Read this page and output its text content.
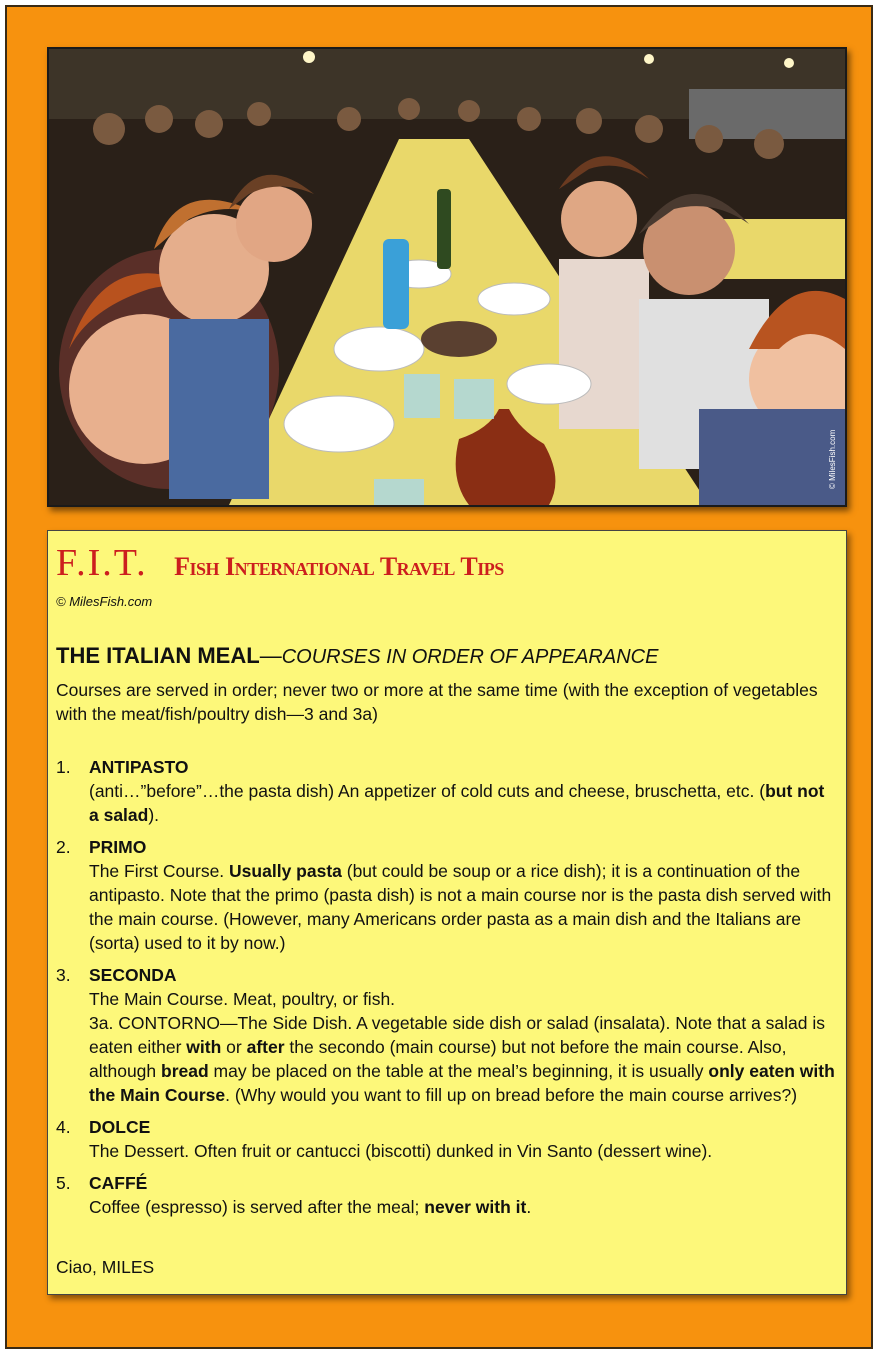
© MilesFish.com
F.I.T. Fish International Travel Tips
© MilesFish.com
THE ITALIAN MEAL—COURSES IN ORDER OF APPEARANCE
Courses are served in order; never two or more at the same time (with the exception of vegetables with the meat/fish/poultry dish—3 and 3a)
1. ANTIPASTO
(anti…”before”…the pasta dish) An appetizer of cold cuts and cheese, bruschetta, etc. (but not a salad).
2. PRIMO
The First Course. Usually pasta (but could be soup or a rice dish); it is a continuation of the antipasto. Note that the primo (pasta dish) is not a main course nor is the pasta dish served with the main course. (However, many Americans order pasta as a main dish and the Italians are (sorta) used to it by now.)
3. SECONDA
The Main Course. Meat, poultry, or fish.
3a. CONTORNO—The Side Dish. A vegetable side dish or salad (insalata). Note that a salad is eaten either with or after the secondo (main course) but not before the main course. Also, although bread may be placed on the table at the meal’s beginning, it is usually only eaten with the Main Course. (Why would you want to fill up on bread before the main course arrives?)
4. DOLCE
The Dessert. Often fruit or cantucci (biscotti) dunked in Vin Santo (dessert wine).
5. CAFFÉ
Coffee (espresso) is served after the meal; never with it.
Ciao, MILES
